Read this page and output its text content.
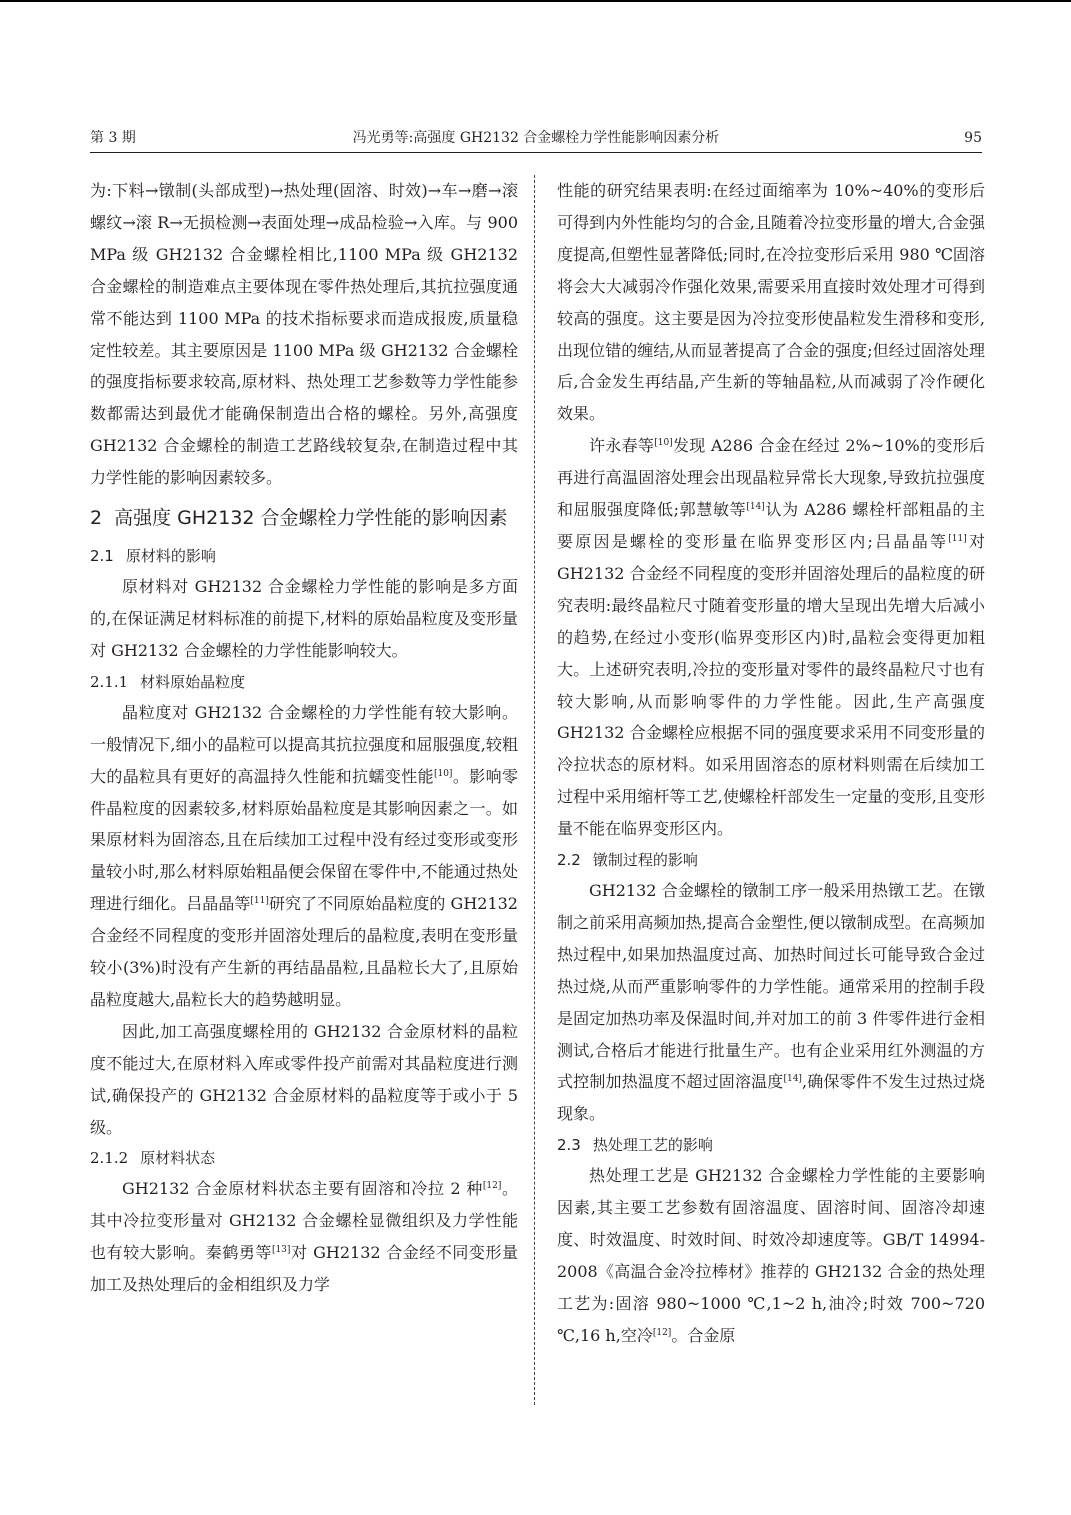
第 3 期	冯光勇等:高强度 GH2132 合金螺栓力学性能影响因素分析	95

为:下料→镦制(头部成型)→热处理(固溶、时效)→车→磨→滚螺纹→滚 R→无损检测→表面处理→成品检验→入库。与 900 MPa 级 GH2132 合金螺栓相比,1100 MPa 级 GH2132 合金螺栓的制造难点主要体现在零件热处理后,其抗拉强度通常不能达到 1100 MPa 的技术指标要求而造成报废,质量稳定性较差。其主要原因是 1100 MPa 级 GH2132 合金螺栓的强度指标要求较高,原材料、热处理工艺参数等力学性能参数都需达到最优才能确保制造出合格的螺栓。另外,高强度 GH2132 合金螺栓的制造工艺路线较复杂,在制造过程中其力学性能的影响因素较多。

2 高强度 GH2132 合金螺栓力学性能的影响因素
2.1 原材料的影响

原材料对 GH2132 合金螺栓力学性能的影响是多方面的,在保证满足材料标准的前提下,材料的原始晶粒度及变形量对 GH2132 合金螺栓的力学性能影响较大。

2.1.1 材料原始晶粒度

晶粒度对 GH2132 合金螺栓的力学性能有较大影响。一般情况下,细小的晶粒可以提高其抗拉强度和屈服强度,较粗大的晶粒具有更好的高温持久性能和抗蠕变性能[10]。影响零件晶粒度的因素较多,材料原始晶粒度是其影响因素之一。如果原材料为固溶态,且在后续加工过程中没有经过变形或变形量较小时,那么材料原始粗晶便会保留在零件中,不能通过热处理进行细化。吕晶晶等[11]研究了不同原始晶粒度的 GH2132 合金经不同程度的变形并固溶处理后的晶粒度,表明在变形量较小(3%)时没有产生新的再结晶晶粒,且晶粒长大了,且原始晶粒度越大,晶粒长大的趋势越明显。

因此,加工高强度螺栓用的 GH2132 合金原材料的晶粒度不能过大,在原材料入库或零件投产前需对其晶粒度进行测试,确保投产的 GH2132 合金原材料的晶粒度等于或小于 5 级。

2.1.2 原材料状态

GH2132 合金原材料状态主要有固溶和冷拉 2 种[12]。其中冷拉变形量对 GH2132 合金螺栓显微组织及力学性能也有较大影响。秦鹤勇等[13]对 GH2132 合金经不同变形量加工及热处理后的金相组织及力学

性能的研究结果表明:在经过面缩率为 10%~40%的变形后可得到内外性能均匀的合金,且随着冷拉变形量的增大,合金强度提高,但塑性显著降低;同时,在冷拉变形后采用 980 ℃固溶将会大大减弱冷作强化效果,需要采用直接时效处理才可得到较高的强度。这主要是因为冷拉变形使晶粒发生滑移和变形,出现位错的缠结,从而显著提高了合金的强度;但经过固溶处理后,合金发生再结晶,产生新的等轴晶粒,从而减弱了冷作硬化效果。

许永春等[10]发现 A286 合金在经过 2%~10%的变形后再进行高温固溶处理会出现晶粒异常长大现象,导致抗拉强度和屈服强度降低;郭慧敏等[14]认为 A286 螺栓杆部粗晶的主要原因是螺栓的变形量在临界变形区内;吕晶晶等[11]对 GH2132 合金经不同程度的变形并固溶处理后的晶粒度的研究表明:最终晶粒尺寸随着变形量的增大呈现出先增大后减小的趋势,在经过小变形(临界变形区内)时,晶粒会变得更加粗大。上述研究表明,冷拉的变形量对零件的最终晶粒尺寸也有较大影响,从而影响零件的力学性能。因此,生产高强度 GH2132 合金螺栓应根据不同的强度要求采用不同变形量的冷拉状态的原材料。如采用固溶态的原材料则需在后续加工过程中采用缩杆等工艺,使螺栓杆部发生一定量的变形,且变形量不能在临界变形区内。

2.2 镦制过程的影响

GH2132 合金螺栓的镦制工序一般采用热镦工艺。在镦制之前采用高频加热,提高合金塑性,便以镦制成型。在高频加热过程中,如果加热温度过高、加热时间过长可能导致合金过热过烧,从而严重影响零件的力学性能。通常采用的控制手段是固定加热功率及保温时间,并对加工的前 3 件零件进行金相测试,合格后才能进行批量生产。也有企业采用红外测温的方式控制加热温度不超过固溶温度[14],确保零件不发生过热过烧现象。

2.3 热处理工艺的影响

热处理工艺是 GH2132 合金螺栓力学性能的主要影响因素,其主要工艺参数有固溶温度、固溶时间、固溶冷却速度、时效温度、时效时间、时效冷却速度等。GB/T 14994-2008《高温合金冷拉棒材》推荐的 GH2132 合金的热处理工艺为:固溶 980~1000 ℃,1~2 h,油冷;时效 700~720 ℃,16 h,空冷[12]。合金原
